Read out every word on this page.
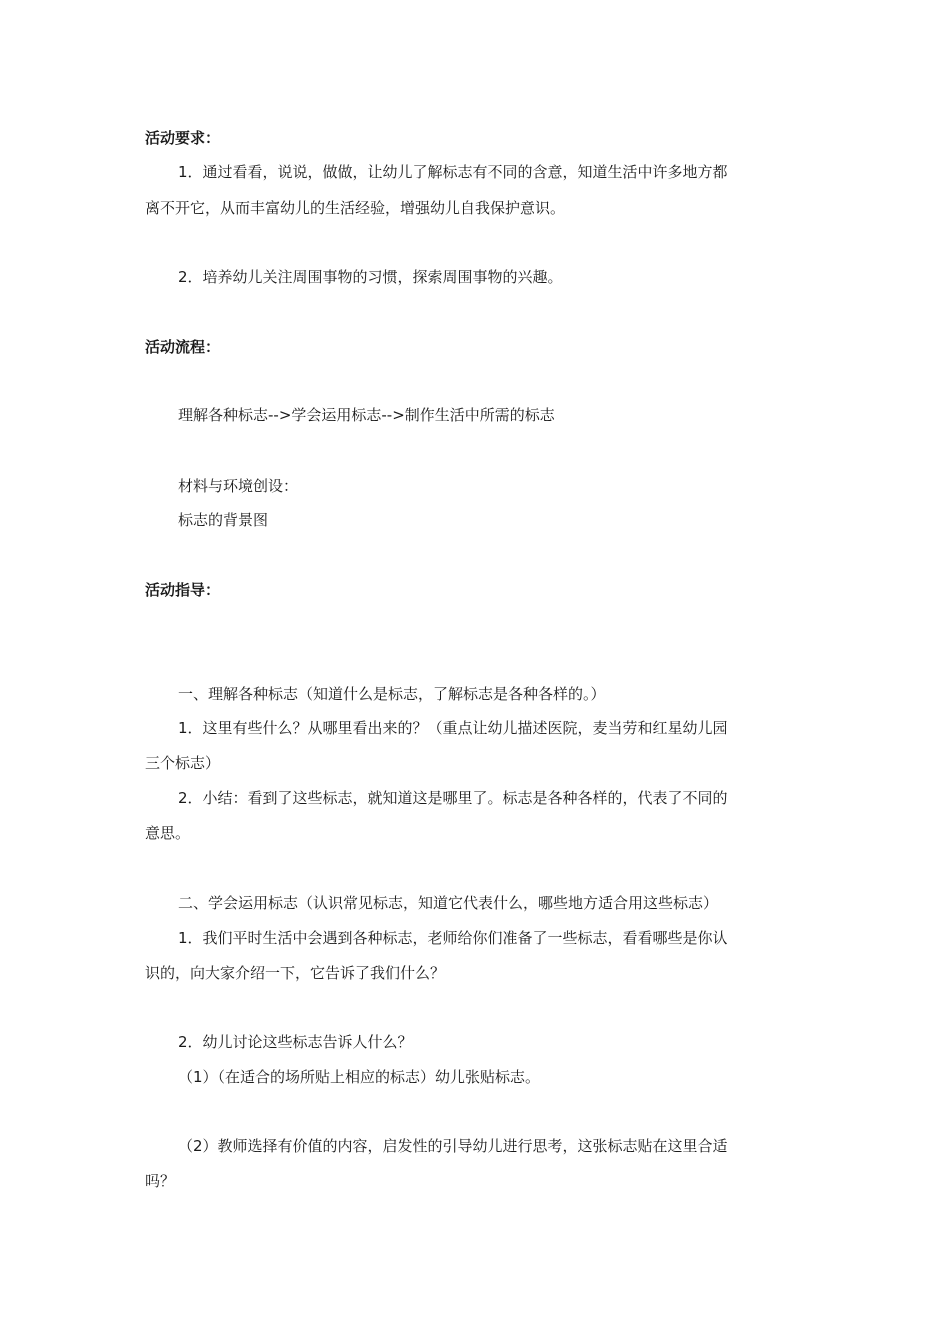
活动要求：
1．通过看看，说说，做做，让幼儿了解标志有不同的含意，知道生活中许多地方都
离不开它，从而丰富幼儿的生活经验，增强幼儿自我保护意识。
2．培养幼儿关注周围事物的习惯，探索周围事物的兴趣。
活动流程：
理解各种标志-->学会运用标志-->制作生活中所需的标志
材料与环境创设：
标志的背景图
活动指导：
一、理解各种标志（知道什么是标志，了解标志是各种各样的。）
1．这里有些什么？从哪里看出来的？（重点让幼儿描述医院，麦当劳和红星幼儿园
三个标志）
2．小结：看到了这些标志，就知道这是哪里了。标志是各种各样的，代表了不同的
意思。
二、学会运用标志（认识常见标志，知道它代表什么，哪些地方适合用这些标志）
1．我们平时生活中会遇到各种标志，老师给你们准备了一些标志，看看哪些是你认
识的，向大家介绍一下，它告诉了我们什么？
2．幼儿讨论这些标志告诉人什么？
（1）（在适合的场所贴上相应的标志）幼儿张贴标志。
（2）教师选择有价值的内容，启发性的引导幼儿进行思考，这张标志贴在这里合适
吗？
